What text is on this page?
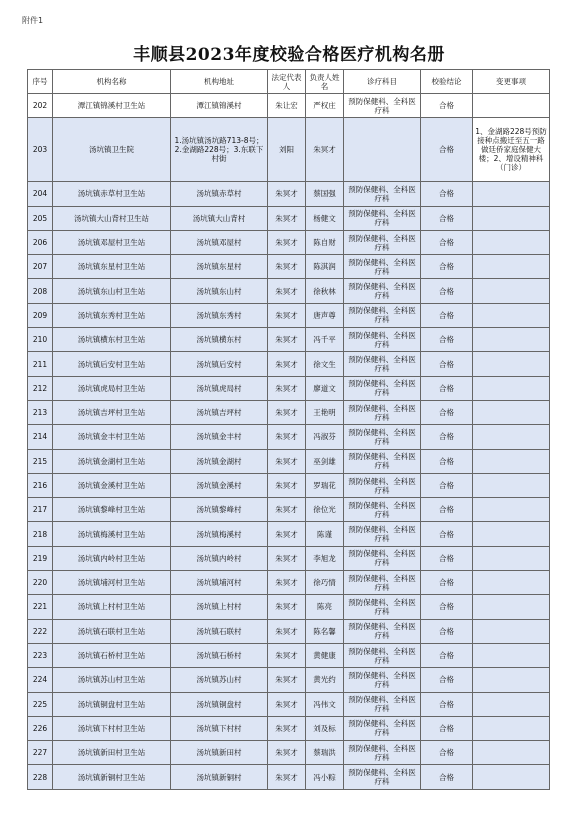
附件1
丰顺县2023年度校验合格医疗机构名册
序号	机构名称	机构地址	法定代表人	负责人姓名	诊疗科目	校验结论	变更事项
202	潭江镇锦溪村卫生站	潭江镇锦溪村	朱让宏	严权庄	预防保健科、全科医疗科	合格	
203	汤坑镇卫生院	1.汤坑镇汤坑路713-8号；2.金湖路228号；3.东联下村街	刘阳	朱冥才		合格	1、金湖路228号预防接种点搬迁至五一路做廷侨家庭保健大楼；2、增设精神科（门诊）
204	汤坑镇赤草村卫生站	汤坑镇赤草村	朱冥才	蔡国强	预防保健科、全科医疗科	合格	
205	汤坑镇大山背村卫生站	汤坑镇大山背村	朱冥才	杨健文	预防保健科、全科医疗科	合格	
206	汤坑镇邓屋村卫生站	汤坑镇邓屋村	朱冥才	陈自财	预防保健科、全科医疗科	合格	
207	汤坑镇东星村卫生站	汤坑镇东星村	朱冥才	陈淇润	预防保健科、全科医疗科	合格	
208	汤坑镇东山村卫生站	汤坑镇东山村	朱冥才	徐秋林	预防保健科、全科医疗科	合格	
209	汤坑镇东秀村卫生站	汤坑镇东秀村	朱冥才	唐声尊	预防保健科、全科医疗科	合格	
210	汤坑镇横东村卫生站	汤坑镇横东村	朱冥才	冯千平	预防保健科、全科医疗科	合格	
211	汤坑镇后安村卫生站	汤坑镇后安村	朱冥才	徐文生	预防保健科、全科医疗科	合格	
212	汤坑镇虎局村卫生站	汤坑镇虎局村	朱冥才	廖道文	预防保健科、全科医疗科	合格	
213	汤坑镇吉坪村卫生站	汤坑镇吉坪村	朱冥才	王艳明	预防保健科、全科医疗科	合格	
214	汤坑镇金丰村卫生站	汤坑镇金丰村	朱冥才	冯淑芬	预防保健科、全科医疗科	合格	
215	汤坑镇金湖村卫生站	汤坑镇金湖村	朱冥才	巫剑雄	预防保健科、全科医疗科	合格	
216	汤坑镇金溪村卫生站	汤坑镇金溪村	朱冥才	罗瑞花	预防保健科、全科医疗科	合格	
217	汤坑镇黎峰村卫生站	汤坑镇黎峰村	朱冥才	徐位光	预防保健科、全科医疗科	合格	
218	汤坑镇梅溪村卫生站	汤坑镇梅溪村	朱冥才	陈谨	预防保健科、全科医疗科	合格	
219	汤坑镇内岭村卫生站	汤坑镇内岭村	朱冥才	李旭龙	预防保健科、全科医疗科	合格	
220	汤坑镇埔河村卫生站	汤坑镇埔河村	朱冥才	徐巧情	预防保健科、全科医疗科	合格	
221	汤坑镇上村村卫生站	汤坑镇上村村	朱冥才	陈亮	预防保健科、全科医疗科	合格	
222	汤坑镇石联村卫生站	汤坑镇石联村	朱冥才	陈名馨	预防保健科、全科医疗科	合格	
223	汤坑镇石桥村卫生站	汤坑镇石桥村	朱冥才	黄健康	预防保健科、全科医疗科	合格	
224	汤坑镇苏山村卫生站	汤坑镇苏山村	朱冥才	黄光约	预防保健科、全科医疗科	合格	
225	汤坑镇铜盘村卫生站	汤坑镇铜盘村	朱冥才	冯伟文	预防保健科、全科医疗科	合格	
226	汤坑镇下村村卫生站	汤坑镇下村村	朱冥才	刘及标	预防保健科、全科医疗科	合格	
227	汤坑镇新田村卫生站	汤坑镇新田村	朱冥才	蔡瑞洪	预防保健科、全科医疗科	合格	
228	汤坑镇新铜村卫生站	汤坑镇新铜村	朱冥才	冯小粽	预防保健科、全科医疗科	合格	
